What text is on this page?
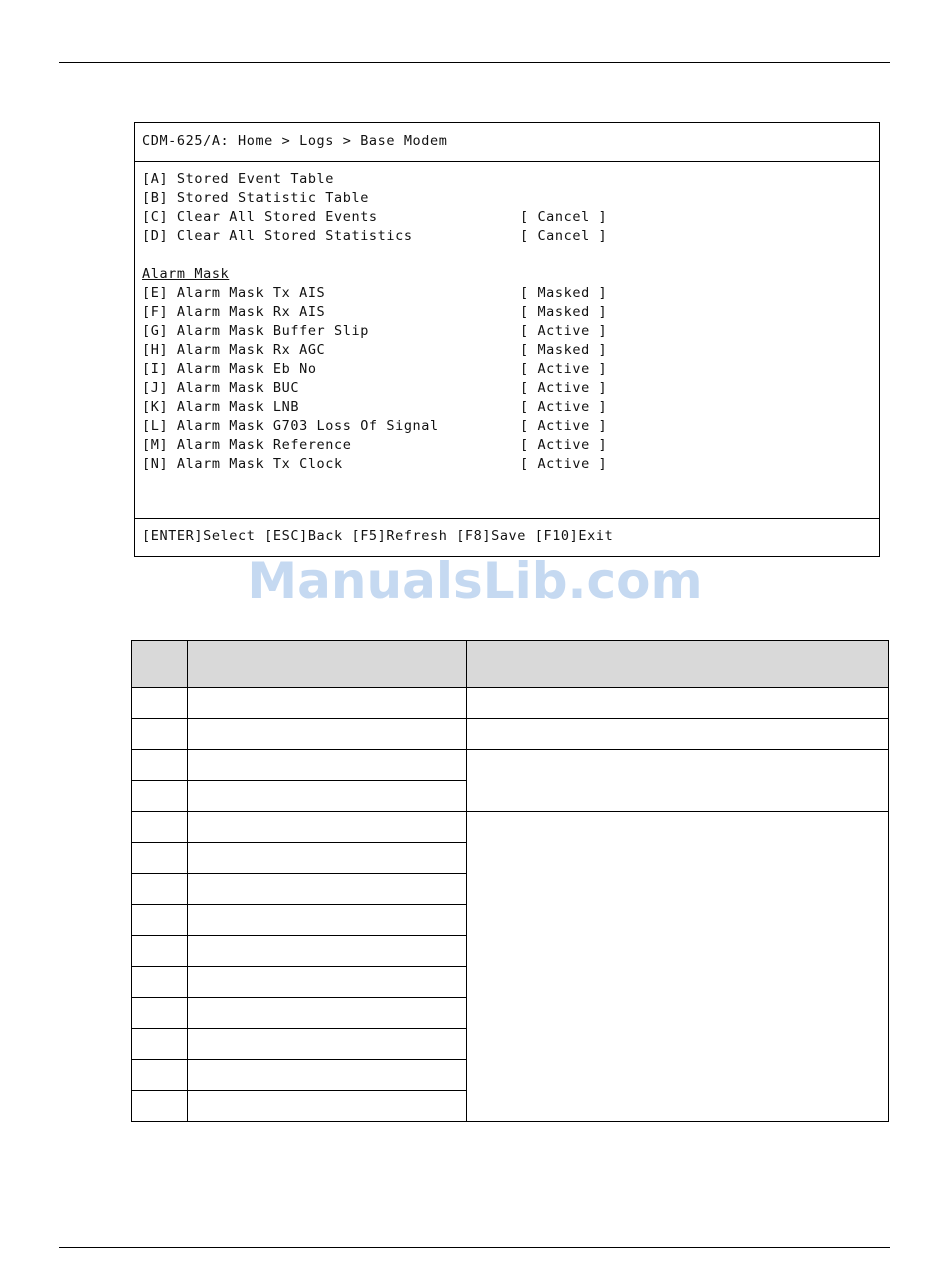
CDM-625/A: Home > Logs > Base Modem
[A] Stored Event Table
[B] Stored Statistic Table
[C] Clear All Stored Events	[ Cancel ]
[D] Clear All Stored Statistics	[ Cancel ]
Alarm Mask
[E] Alarm Mask Tx AIS	[ Masked ]
[F] Alarm Mask Rx AIS	[ Masked ]
[G] Alarm Mask Buffer Slip	[ Active ]
[H] Alarm Mask Rx AGC	[ Masked ]
[I] Alarm Mask Eb No	[ Active ]
[J] Alarm Mask BUC	[ Active ]
[K] Alarm Mask LNB	[ Active ]
[L] Alarm Mask G703 Loss Of Signal	[ Active ]
[M] Alarm Mask Reference	[ Active ]
[N] Alarm Mask Tx Clock	[ Active ]
[ENTER]Select [ESC]Back [F5]Refresh [F8]Save [F10]Exit
ManualsLib.com
